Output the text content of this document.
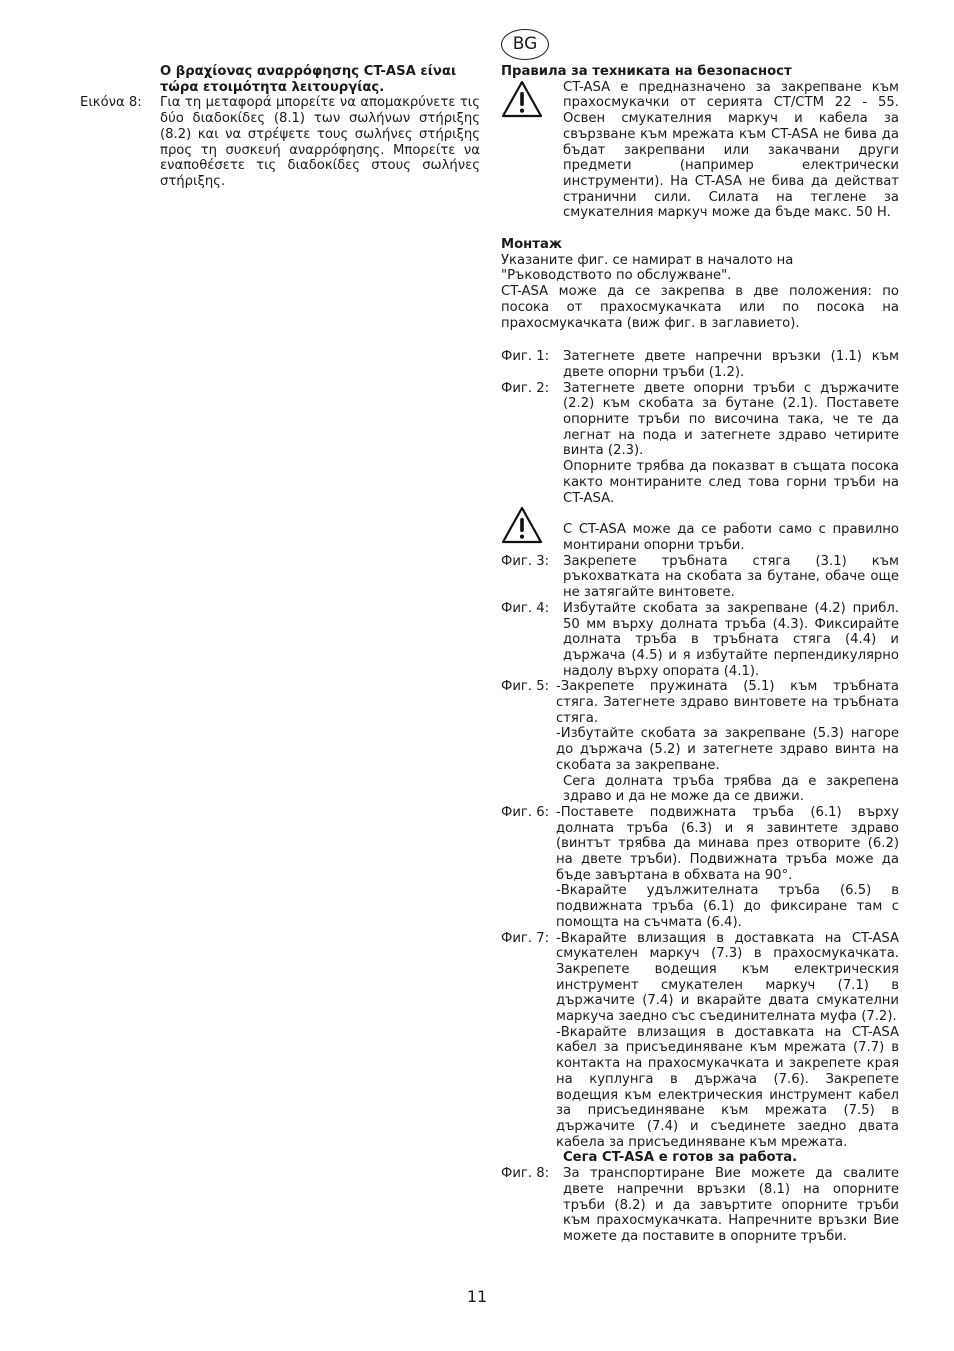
BG
Ο βραχίονας αναρρόφησης CT-ASA είναι τώρα ετοιμότητα λειτουργίας.
Εικόνα 8:	Για τη μεταφορά μπορείτε να απομακρύνετε τις δύο διαδοκίδες (8.1) των σωλήνων στήριξης (8.2) και να στρέψετε τους σωλήνες στήριξης προς τη συσκευή αναρρόφησης. Μπορείτε να εναποθέσετε τις διαδοκίδες στους σωλήνες στήριξης.
Правила за техниката на безопасност
CT-ASA е предназначено за закрепване към прахосмукачки от серията CT/CTM 22 - 55. Освен смукателния маркуч и кабела за свързване към мрежата към CT-ASA не бива да бъдат закрепвани или закачвани други предмети (например електрически инструменти). На CT-ASA не бива да действат странични сили. Силата на теглене за смукателния маркуч може да бъде макс. 50 Н.
Монтаж
Указаните фиг. се намират в началото на "Ръководството по обслужване".
CT-ASA може да се закрепва в две положения: по посока от прахосмукачката или по посока на прахосмукачката (виж фиг. в заглавието).
Фиг. 1:	Затегнете двете напречни връзки (1.1) към двете опорни тръби (1.2).
Фиг. 2:	Затегнете двете опорни тръби с държачите (2.2) към скобата за бутане (2.1). Поставете опорните тръби по височина така, че те да легнат на пода и затегнете здраво четирите винта (2.3).
Опорните трябва да показват в същата посока както монтираните след това горни тръби на CT-ASA.
С CT-ASA може да се работи само с правилно монтирани опорни тръби.
Фиг. 3:	Закрепете тръбната стяга (3.1) към ръкохватката на скобата за бутане, обаче още не затягайте винтовете.
Фиг. 4:	Избутайте скобата за закрепване (4.2) прибл. 50 мм върху долната тръба (4.3). Фиксирайте долната тръба в тръбната стяга (4.4) и държача (4.5) и я избутайте перпендикулярно надолу върху опората (4.1).
Фиг. 5: -Закрепете пружината (5.1) към тръбната стяга. Затегнете здраво винтовете на тръбната стяга.
-Избутайте скобата за закрепване (5.3) нагоре до държача (5.2) и затегнете здраво винта на скобата за закрепване.
Сега долната тръба трябва да е закрепена здраво и да не може да се движи.
Фиг. 6: -Поставете подвижната тръба (6.1) върху долната тръба (6.3) и я завинтете здраво (винтът трябва да минава през отворите (6.2) на двете тръби). Подвижната тръба може да бъде завъртана в обхвата на 90°.
-Вкарайте удължителната тръба (6.5) в подвижната тръба (6.1) до фиксиране там с помощта на съчмата (6.4).
Фиг. 7: -Вкарайте влизащия в доставката на CT-ASA смукателен маркуч (7.3) в прахосмукачката. Закрепете водещия към електрическия инструмент смукателен маркуч (7.1) в държачите (7.4) и вкарайте двата смукателни маркуча заедно със съединителната муфа (7.2).
-Вкарайте влизащия в доставката на CT-ASA кабел за присъединяване към мрежата (7.7) в контакта на прахосмукачката и закрепете края на куплунга в държача (7.6). Закрепете водещия към електрическия инструмент кабел за присъединяване към мрежата (7.5) в държачите (7.4) и съединете заедно двата кабела за присъединяване към мрежата.
Сега CT-ASA е готов за работа.
Фиг. 8:	За транспортиране Вие можете да свалите двете напречни връзки (8.1) на опорните тръби (8.2) и да завъртите опорните тръби към прахосмукачката. Напречните връзки Вие можете да поставите в опорните тръби.
11
